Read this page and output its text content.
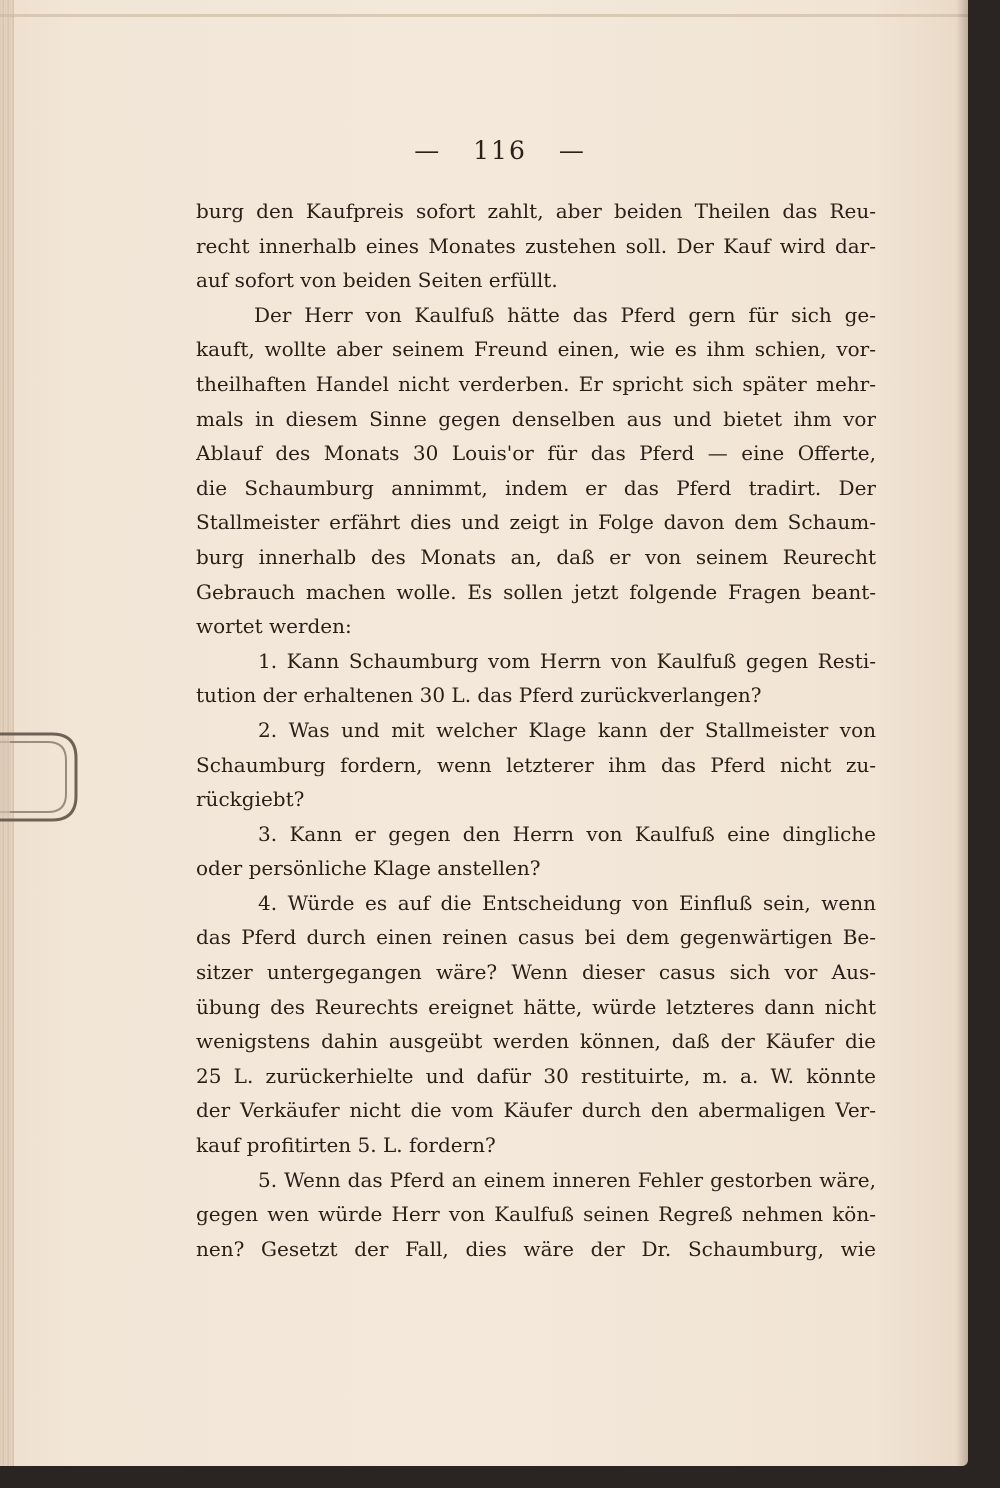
— 116 —
burg den Kaufpreis sofort zahlt, aber beiden Theilen das Reu-
recht innerhalb eines Monates zustehen soll. Der Kauf wird dar-
auf sofort von beiden Seiten erfüllt.
Der Herr von Kaulfuß hätte das Pferd gern für sich ge-
kauft, wollte aber seinem Freund einen, wie es ihm schien, vor-
theilhaften Handel nicht verderben. Er spricht sich später mehr-
mals in diesem Sinne gegen denselben aus und bietet ihm vor
Ablauf des Monats 30 Louis'or für das Pferd — eine Offerte,
die Schaumburg annimmt, indem er das Pferd tradirt. Der
Stallmeister erfährt dies und zeigt in Folge davon dem Schaum-
burg innerhalb des Monats an, daß er von seinem Reurecht
Gebrauch machen wolle. Es sollen jetzt folgende Fragen beant-
wortet werden:
1. Kann Schaumburg vom Herrn von Kaulfuß gegen Resti-
tution der erhaltenen 30 L. das Pferd zurückverlangen?
2. Was und mit welcher Klage kann der Stallmeister von
Schaumburg fordern, wenn letzterer ihm das Pferd nicht zu-
rückgiebt?
3. Kann er gegen den Herrn von Kaulfuß eine dingliche
oder persönliche Klage anstellen?
4. Würde es auf die Entscheidung von Einfluß sein, wenn
das Pferd durch einen reinen casus bei dem gegenwärtigen Be-
sitzer untergegangen wäre? Wenn dieser casus sich vor Aus-
übung des Reurechts ereignet hätte, würde letzteres dann nicht
wenigstens dahin ausgeübt werden können, daß der Käufer die
25 L. zurückerhielte und dafür 30 restituirte, m. a. W. könnte
der Verkäufer nicht die vom Käufer durch den abermaligen Ver-
kauf profitirten 5. L. fordern?
5. Wenn das Pferd an einem inneren Fehler gestorben wäre,
gegen wen würde Herr von Kaulfuß seinen Regreß nehmen kön-
nen? Gesetzt der Fall, dies wäre der Dr. Schaumburg, wie
